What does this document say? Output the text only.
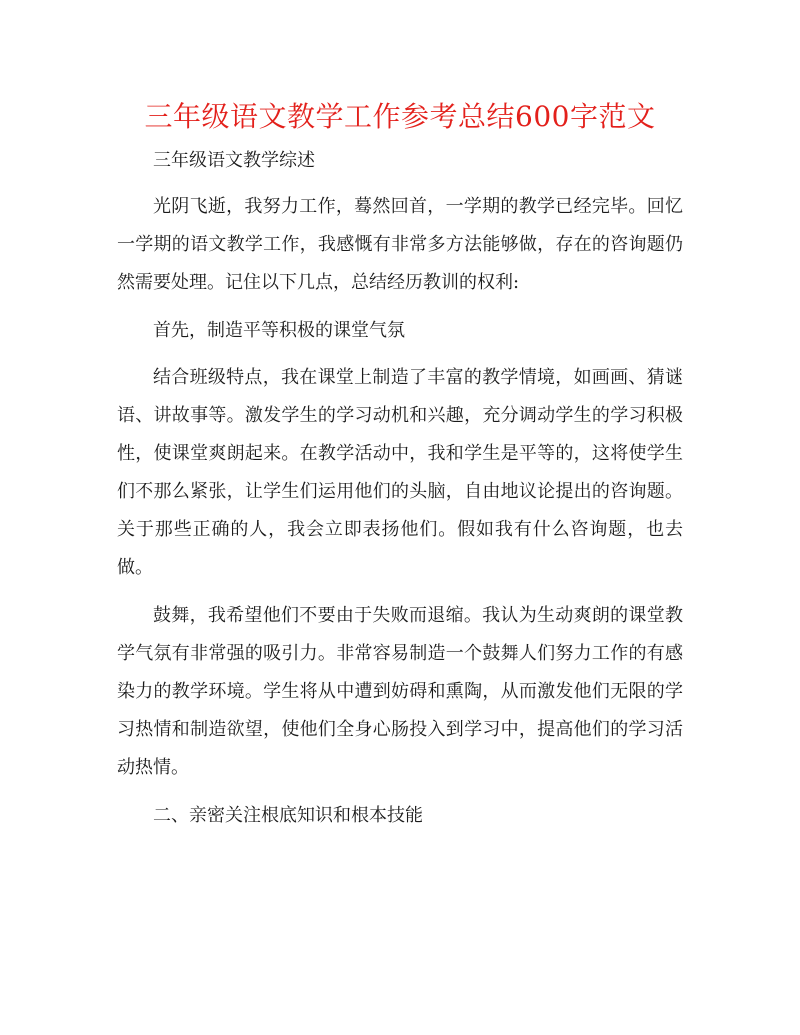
三年级语文教学工作参考总结600字范文

三年级语文教学综述

光阴飞逝，我努力工作，蓦然回首，一学期的教学已经完毕。回忆一学期的语文教学工作，我感慨有非常多方法能够做，存在的咨询题仍然需要处理。记住以下几点，总结经历教训的权利:

首先，制造平等积极的课堂气氛

结合班级特点，我在课堂上制造了丰富的教学情境，如画画、猜谜语、讲故事等。激发学生的学习动机和兴趣，充分调动学生的学习积极性，使课堂爽朗起来。在教学活动中，我和学生是平等的，这将使学生们不那么紧张，让学生们运用他们的头脑，自由地议论提出的咨询题。关于那些正确的人，我会立即表扬他们。假如我有什么咨询题，也去做。

鼓舞，我希望他们不要由于失败而退缩。我认为生动爽朗的课堂教学气氛有非常强的吸引力。非常容易制造一个鼓舞人们努力工作的有感染力的教学环境。学生将从中遭到妨碍和熏陶，从而激发他们无限的学习热情和制造欲望，使他们全身心肠投入到学习中，提高他们的学习活动热情。

二、亲密关注根底知识和根本技能
